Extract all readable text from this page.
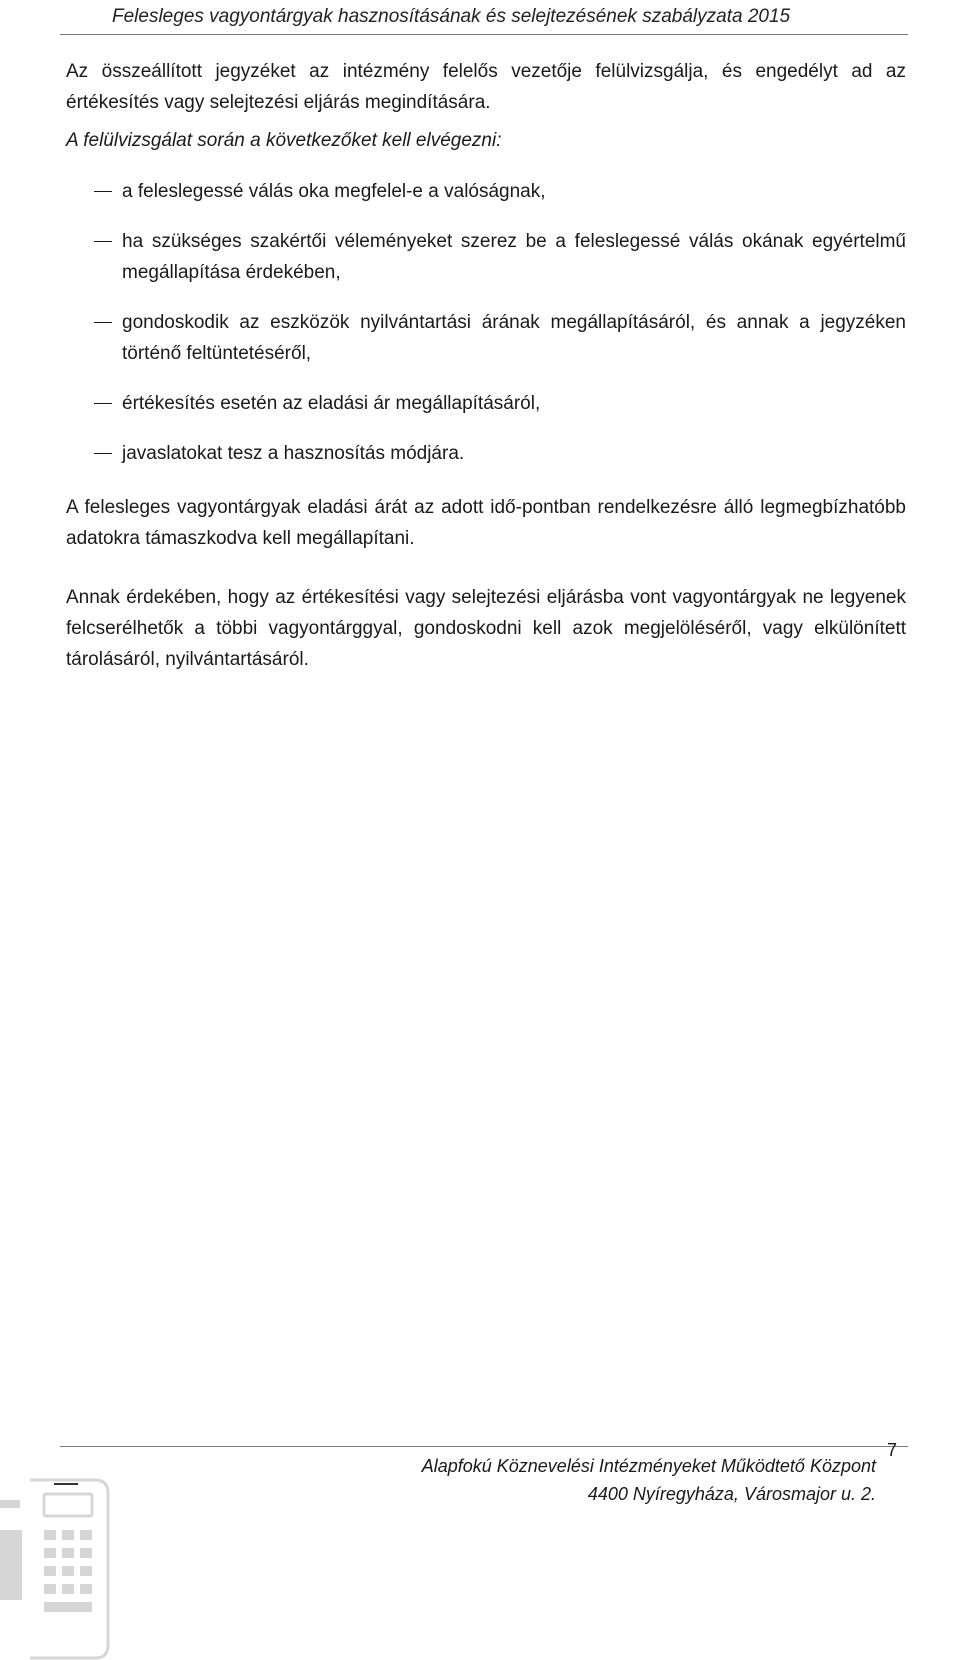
Felesleges vagyontárgyak hasznosításának és selejtezésének szabályzata 2015

Az összeállított jegyzéket az intézmény felelős vezetője felülvizsgálja, és engedélyt ad az értékesítés vagy selejtezési eljárás megindítására.

A felülvizsgálat során a következőket kell elvégezni:

a feleslegessé válás oka megfelel-e a valóságnak,
ha szükséges szakértői véleményeket szerez be a feleslegessé válás okának egyértelmű megállapítása érdekében,
gondoskodik az eszközök nyilvántartási árának megállapításáról, és annak a jegyzéken történő feltüntetéséről,
értékesítés esetén az eladási ár megállapításáról,
javaslatokat tesz a hasznosítás módjára.

A felesleges vagyontárgyak eladási árát az adott idő-pontban rendelkezésre álló legmegbízhatóbb adatokra támaszkodva kell megállapítani.

Annak érdekében, hogy az értékesítési vagy selejtezési eljárásba vont vagyontárgyak ne legyenek felcserélhetők a többi vagyontárggyal, gondoskodni kell azok megjelöléséről, vagy elkülönített tárolásáról, nyilvántartásáról.

Alapfokú Köznevelési Intézményeket Működtető Központ
4400 Nyíregyháza, Városmajor u. 2.
7
